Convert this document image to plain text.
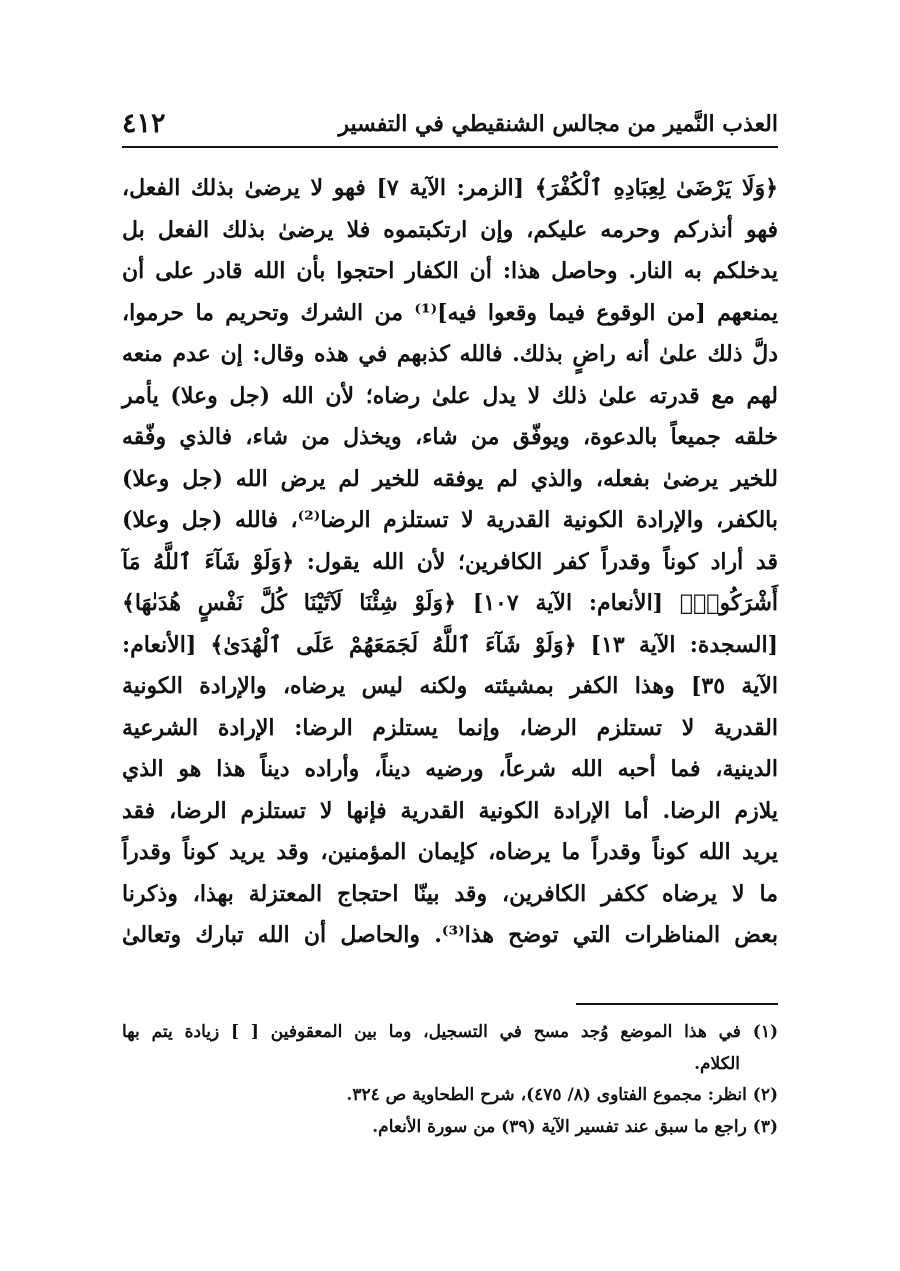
العذب النَّمير من مجالس الشنقيطي في التفسير
٤١٢
﴿وَلَا يَرْضَىٰ لِعِبَادِهِ ٱلْكُفْرَ﴾ [الزمر: الآية ٧] فهو لا يرضىٰ بذلك الفعل،
فهو أنذركم وحرمه عليكم، وإن ارتكبتموه فلا يرضىٰ بذلك الفعل بل
يدخلكم به النار. وحاصل هذا: أن الكفار احتجوا بأن الله قادر على أن
يمنعهم [من الوقوع فيما وقعوا فيه]⁽¹⁾ من الشرك وتحريم ما حرموا،
دلَّ ذلك علىٰ أنه راضٍ بذلك. فالله كذبهم في هذه وقال: إن عدم منعه
لهم مع قدرته علىٰ ذلك لا يدل علىٰ رضاه؛ لأن الله (جل وعلا) يأمر
خلقه جميعاً بالدعوة، ويوفّق من شاء، ويخذل من شاء، فالذي وفّقه
للخير يرضىٰ بفعله، والذي لم يوفقه للخير لم يرض الله (جل وعلا)
بالكفر، والإرادة الكونية القدرية لا تستلزم الرضا⁽²⁾، فالله (جل وعلا)
قد أراد كوناً وقدراً كفر الكافرين؛ لأن الله يقول: ﴿وَلَوْ شَآءَ ٱللَّهُ مَآ
أَشْرَكُوا۟﴾ [الأنعام: الآية ١٠٧] ﴿وَلَوْ شِئْنَا لَآتَيْنَا كُلَّ نَفْسٍ هُدَىٰهَا﴾
[السجدة: الآية ١٣] ﴿وَلَوْ شَآءَ ٱللَّهُ لَجَمَعَهُمْ عَلَى ٱلْهُدَىٰ﴾ [الأنعام:
الآية ٣٥] وهذا الكفر بمشيئته ولكنه ليس يرضاه، والإرادة الكونية
القدرية لا تستلزم الرضا، وإنما يستلزم الرضا: الإرادة الشرعية
الدينية، فما أحبه الله شرعاً، ورضيه ديناً، وأراده ديناً هذا هو الذي
يلازم الرضا. أما الإرادة الكونية القدرية فإنها لا تستلزم الرضا، فقد
يريد الله كوناً وقدراً ما يرضاه، كإيمان المؤمنين، وقد يريد كوناً وقدراً
ما لا يرضاه ككفر الكافرين، وقد بينّا احتجاج المعتزلة بهذا، وذكرنا
بعض المناظرات التي توضح هذا⁽³⁾. والحاصل أن الله تبارك وتعالىٰ
(١) في هذا الموضع وُجد مسح في التسجيل، وما بين المعقوفين [ ] زيادة يتم بها
الكلام.
(٢) انظر: مجموع الفتاوى (٨/ ٤٧٥)، شرح الطحاوية ص ٣٢٤.
(٣) راجع ما سبق عند تفسير الآية (٣٩) من سورة الأنعام.
